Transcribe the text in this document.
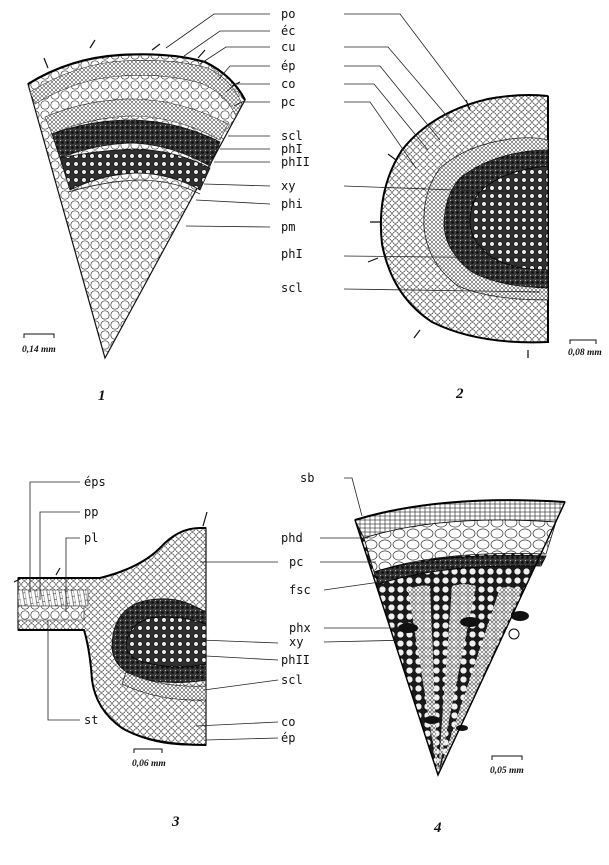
po
éc
cu
ép
co
pc
scl
phI
phII
xy
phi
pm
0,14 mm
1
phI
scl
0,08 mm
2
éps
pp
pl
st
phII
scl
co
ép
0,06 mm
3
sb
phd
pc
fsc
phx
xy
0,05 mm
4
